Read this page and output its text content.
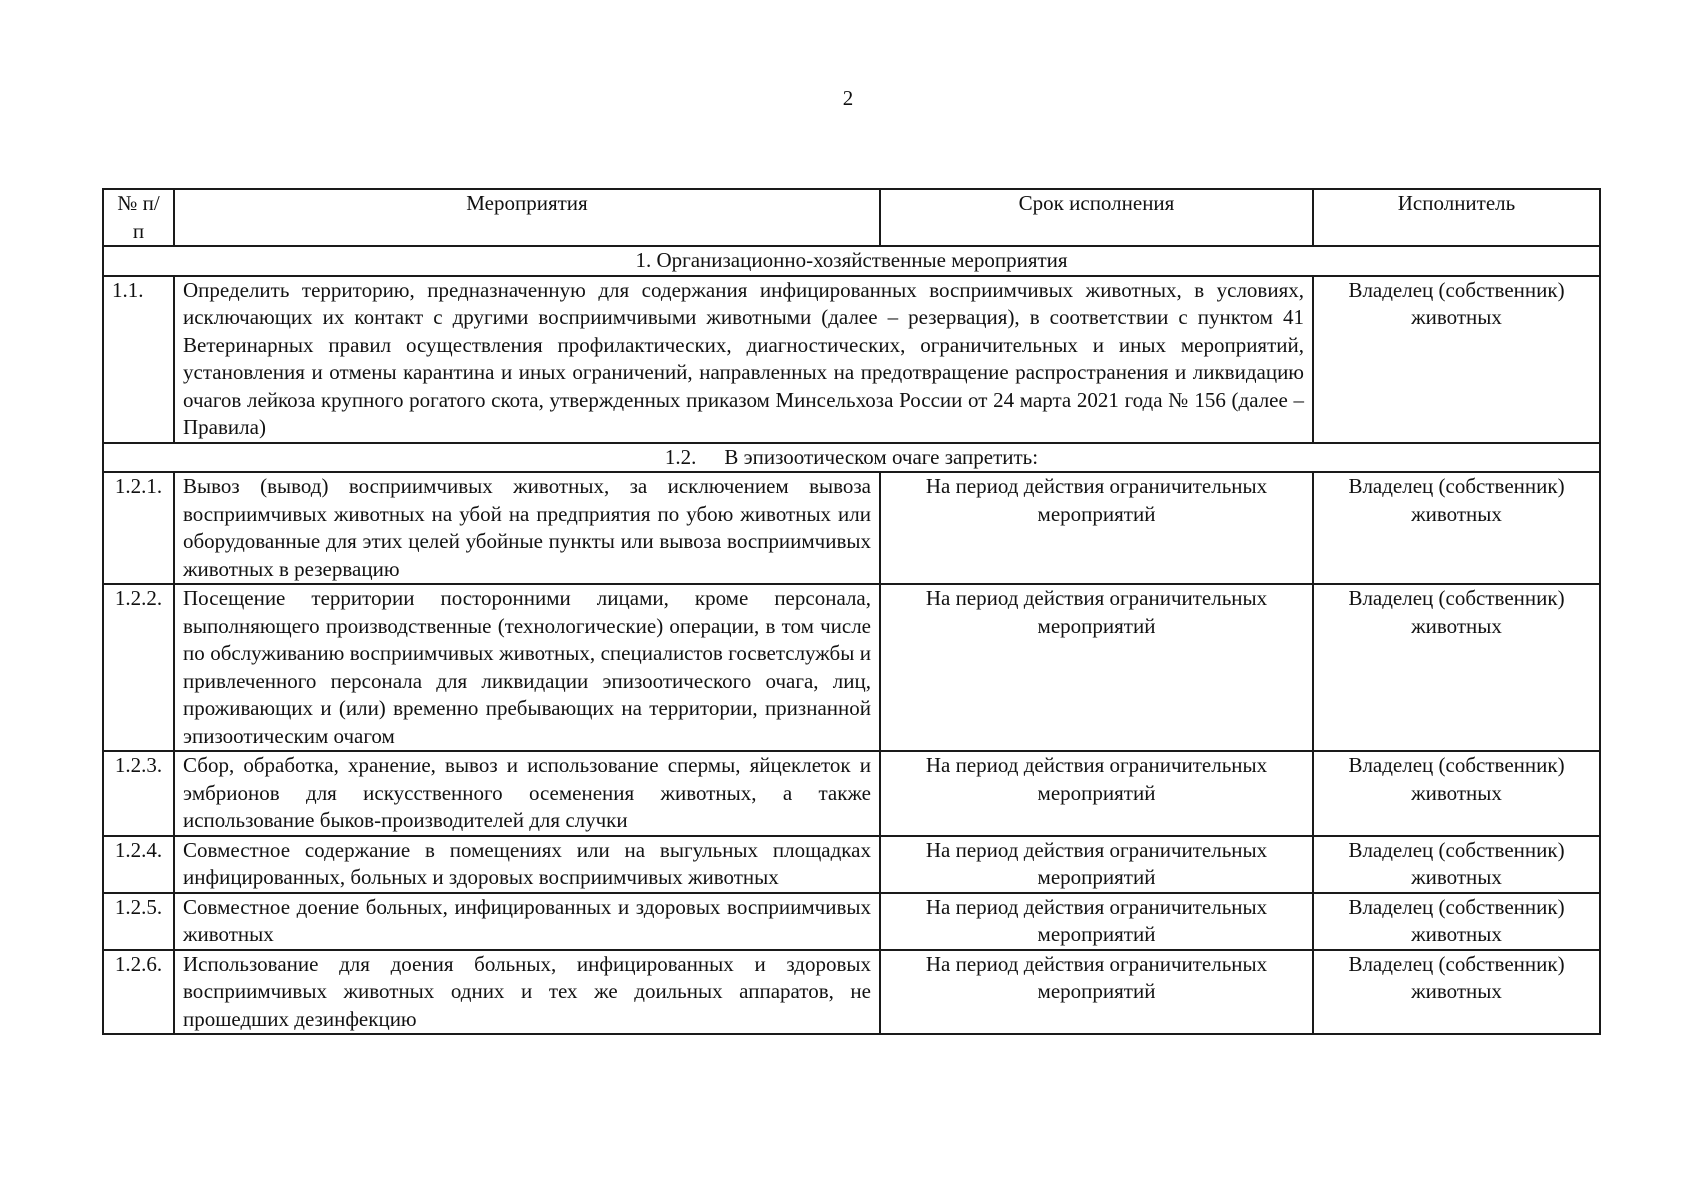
2
№ п/п	Мероприятия	Срок исполнения	Исполнитель
1. Организационно-хозяйственные мероприятия			
1.1.	Определить территорию, предназначенную для содержания инфицированных восприимчивых животных, в условиях, исключающих их контакт с другими восприимчивыми животными (далее – резервация), в соответствии с пунктом 41 Ветеринарных правил осуществления профилактических, диагностических, ограничительных и иных мероприятий, установления и отмены карантина и иных ограничений, направленных на предотвращение распространения и ликвидацию очагов лейкоза крупного рогатого скота, утвержденных приказом Минсельхоза России от 24 марта 2021 года № 156 (далее – Правила)		Владелец (собственник) животных
1.2. В эпизоотическом очаге запретить:			
1.2.1.	Вывоз (вывод) восприимчивых животных, за исключением вывоза восприимчивых животных на убой на предприятия по убою животных или оборудованные для этих целей убойные пункты или вывоза восприимчивых животных в резервацию	На период действия ограничительных мероприятий	Владелец (собственник) животных
1.2.2.	Посещение территории посторонними лицами, кроме персонала, выполняющего производственные (технологические) операции, в том числе по обслуживанию восприимчивых животных, специалистов госветслужбы и привлеченного персонала для ликвидации эпизоотического очага, лиц, проживающих и (или) временно пребывающих на территории, признанной эпизоотическим очагом	На период действия ограничительных мероприятий	Владелец (собственник) животных
1.2.3.	Сбор, обработка, хранение, вывоз и использование спермы, яйцеклеток и эмбрионов для искусственного осеменения животных, а также использование быков-производителей для случки	На период действия ограничительных мероприятий	Владелец (собственник) животных
1.2.4.	Совместное содержание в помещениях или на выгульных площадках инфицированных, больных и здоровых восприимчивых животных	На период действия ограничительных мероприятий	Владелец (собственник) животных
1.2.5.	Совместное доение больных, инфицированных и здоровых восприимчивых животных	На период действия ограничительных мероприятий	Владелец (собственник) животных
1.2.6.	Использование для доения больных, инфицированных и здоровых восприимчивых животных одних и тех же доильных аппаратов, не прошедших дезинфекцию	На период действия ограничительных мероприятий	Владелец (собственник) животных
